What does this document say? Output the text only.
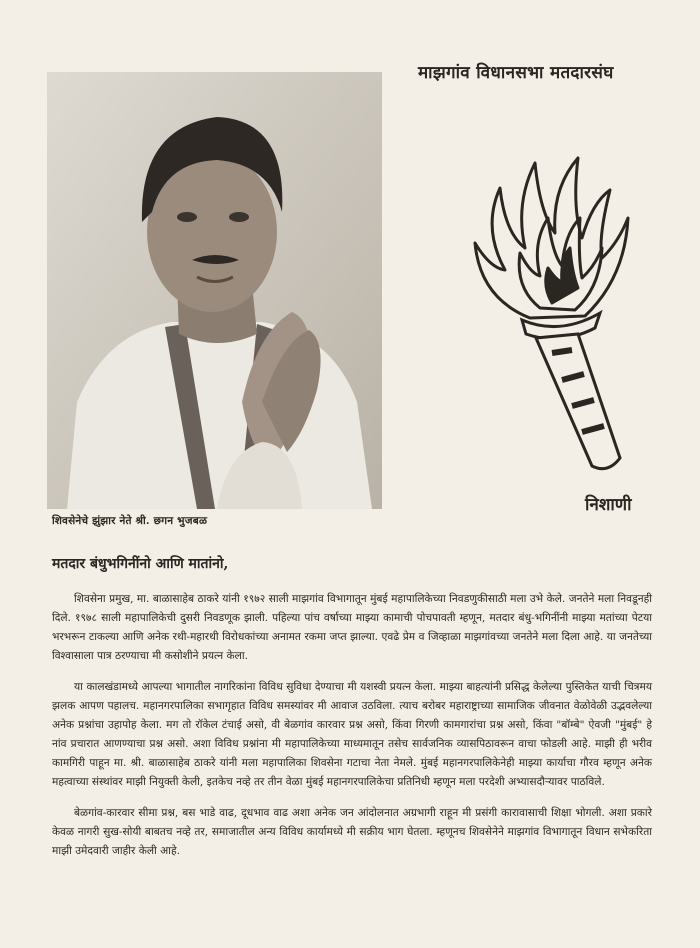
शिवसेनेचे झुंझार नेते श्री. छगन भुजबळ
माझगांव विधानसभा मतदारसंघ
निशाणी
मतदार बंधुभगिनींनो आणि मातांनो,

शिवसेना प्रमुख, मा. बाळासाहेब ठाकरे यांनी १९७२ साली माझगांव विभागातून मुंबई महापालिकेच्या निवडणुकीसाठी मला उभे केले. जनतेने मला निवडूनही दिले. १९७८ साली महापालिकेची दुसरी निवडणूक झाली. पहिल्या पांच वर्षाच्या माझ्या कामाची पोचपावती म्हणून, मतदार बंधु-भगिनींनी माझ्या मतांच्या पेटया भरभरून टाकल्या आणि अनेक रथी-महारथी विरोधकांच्या अनामत रकमा जप्त झाल्या. एवढे प्रेम व जिव्हाळा माझगांवच्या जनतेने मला दिला आहे. या जनतेच्या विश्वासाला पात्र ठरण्याचा मी कसोशीने प्रयत्न केला.

या कालखंडामध्ये आपल्या भागातील नागरिकांना विविध सुविधा देण्याचा मी यशस्वी प्रयत्न केला. माझ्या बाहत्यांनी प्रसिद्ध केलेल्या पुस्तिकेत याची चित्रमय झलक आपण पहालच. महानगरपालिका सभागृहात विविध समस्यांवर मी आवाज उठविला. त्याच बरोबर महाराष्ट्राच्या सामाजिक जीवनात वेळोवेळी उद्भवलेल्या अनेक प्रश्नांचा उहापोह केला. मग तो रॉकेल टंचाई असो, वी बेळगांव कारवार प्रश्न असो, किंवा गिरणी कामगारांचा प्रश्न असो, किंवा "बॉम्बे" ऐवजी "मुंबई" हे नांव प्रचारात आणण्याचा प्रश्न असो. अशा विविध प्रश्नांना मी महापालिकेच्या माध्यमातून तसेच सार्वजनिक व्यासपिठावरून वाचा फोडली आहे. माझी ही भरीव कामगिरी पाहून मा. श्री. बाळासाहेब ठाकरे यांनी मला महापालिका शिवसेना गटाचा नेता नेमले. मुंबई महानगरपालिकेनेही माझ्या कार्याचा गौरव म्हणून अनेक महत्वाच्या संस्थांवर माझी नियुक्ती केली, इतकेच नव्हे तर तीन वेळा मुंबई महानगरपालिकेचा प्रतिनिधी म्हणून मला परदेशी अभ्यासदौऱ्यावर पाठविले.

बेळगांव-कारवार सीमा प्रश्न, बस भाडे वाढ, दूधभाव वाढ अशा अनेक जन आंदोलनात अग्रभागी राहून मी प्रसंगी कारावासाची शिक्षा भोगली. अशा प्रकारे केवळ नागरी सुख-सोयी बाबतच नव्हे तर, समाजातील अन्य विविध कार्यामध्ये मी सक्रीय भाग घेतला. म्हणूनच शिवसेनेने माझगांव विभागातून विधान सभेकरिता माझी उमेदवारी जाहीर केली आहे.
